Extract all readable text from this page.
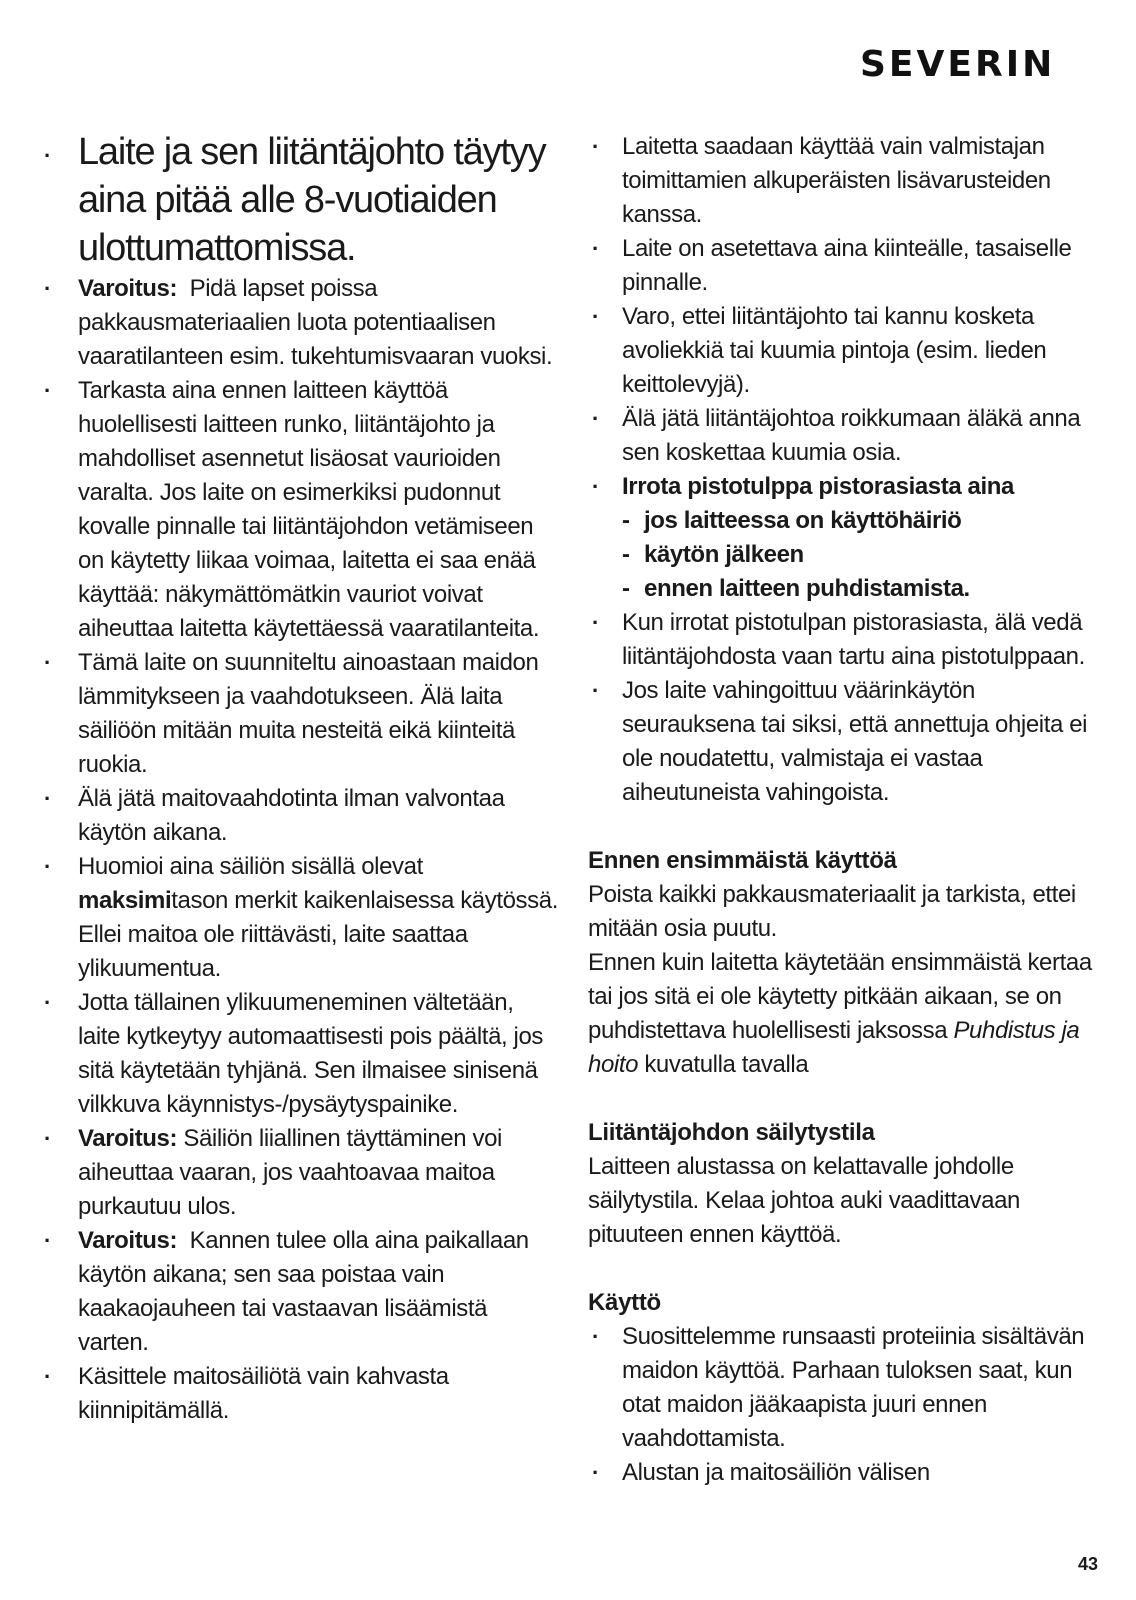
SEVERIN
· Laite ja sen liitäntäjohto täytyy aina pitää alle 8-vuotiaiden ulottumattomissa.
· Varoitus: Pidä lapset poissa pakkausmateriaalien luota potentiaalisen vaaratilanteen esim. tukehtumisvaaran vuoksi.
· Tarkasta aina ennen laitteen käyttöä huolellisesti laitteen runko, liitäntäjohto ja mahdolliset asennetut lisäosat vaurioiden varalta. Jos laite on esimerkiksi pudonnut kovalle pinnalle tai liitäntäjohdon vetämiseen on käytetty liikaa voimaa, laitetta ei saa enää käyttää: näkymättömätkin vauriot voivat aiheuttaa laitetta käytettäessä vaaratilanteita.
· Tämä laite on suunniteltu ainoastaan maidon lämmitykseen ja vaahdotukseen. Älä laita säiliöön mitään muita nesteitä eikä kiinteitä ruokia.
· Älä jätä maitovaahdotinta ilman valvontaa käytön aikana.
· Huomioi aina säiliön sisällä olevat maksimitason merkit kaikenlaisessa käytössä. Ellei maitoa ole riittävästi, laite saattaa ylikuumentua.
· Jotta tällainen ylikuumeneminen vältetään, laite kytkeytyy automaattisesti pois päältä, jos sitä käytetään tyhjänä. Sen ilmaisee sinisenä vilkkuva käynnistys-/pysäytyspainike.
· Varoitus: Säiliön liiallinen täyttäminen voi aiheuttaa vaaran, jos vaahtoavaa maitoa purkautuu ulos.
· Varoitus: Kannen tulee olla aina paikallaan käytön aikana; sen saa poistaa vain kaakaojauheen tai vastaavan lisäämistä varten.
· Käsittele maitosäiliötä vain kahvasta kiinnipitämällä.
· Laitetta saadaan käyttää vain valmistajan toimittamien alkuperäisten lisävarusteiden kanssa.
· Laite on asetettava aina kiinteälle, tasaiselle pinnalle.
· Varo, ettei liitäntäjohto tai kannu kosketa avoliekkiä tai kuumia pintoja (esim. lieden keittolevyjä).
· Älä jätä liitäntäjohtoa roikkumaan äläkä anna sen koskettaa kuumia osia.
· Irrota pistotulppa pistorasiasta aina
- jos laitteessa on käyttöhäiriö
- käytön jälkeen
- ennen laitteen puhdistamista.
· Kun irrotat pistotulpan pistorasiasta, älä vedä liitäntäjohdosta vaan tartu aina pistotulppaan.
· Jos laite vahingoittuu väärinkäytön seurauksena tai siksi, että annettuja ohjeita ei ole noudatettu, valmistaja ei vastaa aiheutuneista vahingoista.
Ennen ensimmäistä käyttöä

Poista kaikki pakkausmateriaalit ja tarkista, ettei mitään osia puutu.

Ennen kuin laitetta käytetään ensimmäistä kertaa tai jos sitä ei ole käytetty pitkään aikaan, se on puhdistettava huolellisesti jaksossa Puhdistus ja hoito kuvatulla tavalla

Liitäntäjohdon säilytystila

Laitteen alustassa on kelattavalle johdolle säilytystila. Kelaa johtoa auki vaadittavaan pituuteen ennen käyttöä.

Käyttö
· Suosittelemme runsaasti proteiinia sisältävän maidon käyttöä. Parhaan tuloksen saat, kun otat maidon jääkaapista juuri ennen vaahdottamista.
· Alustan ja maitosäiliön välisen
43
